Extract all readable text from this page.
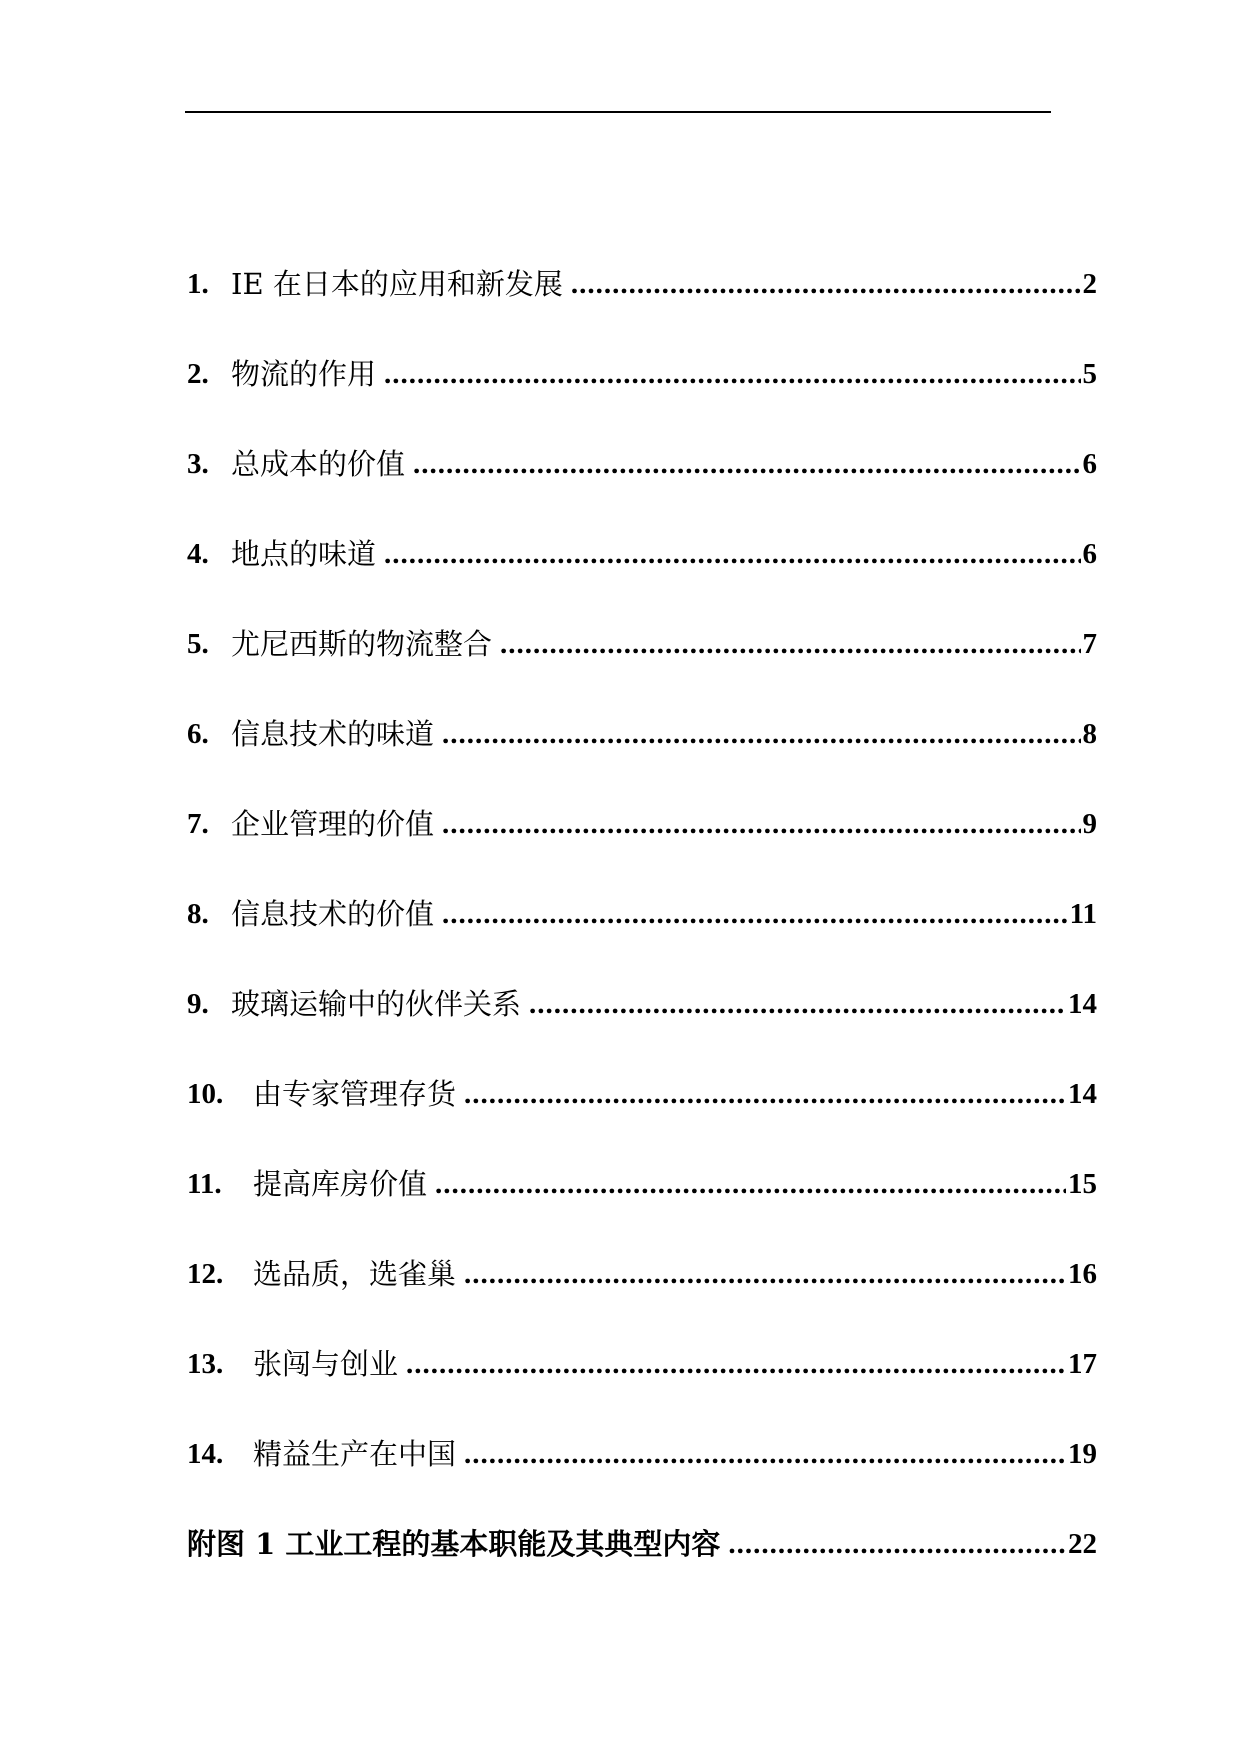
1. IE 在日本的应用和新发展 .....	2
2. 物流的作用 .....	5
3. 总成本的价值 .....	6
4. 地点的味道 .....	6
5. 尤尼西斯的物流整合 .....	7
6. 信息技术的味道 .....	8
7. 企业管理的价值 .....	9
8. 信息技术的价值 .....	11
9. 玻璃运输中的伙伴关系 .....	14
10.	由专家管理存货 .....	14
11.	提高库房价值 .....	15
12.	选品质，选雀巢 .....	16
13.	张闯与创业 .....	17
14.	精益生产在中国 .....	19
附图 1 工业工程的基本职能及其典型内容 .....	22
